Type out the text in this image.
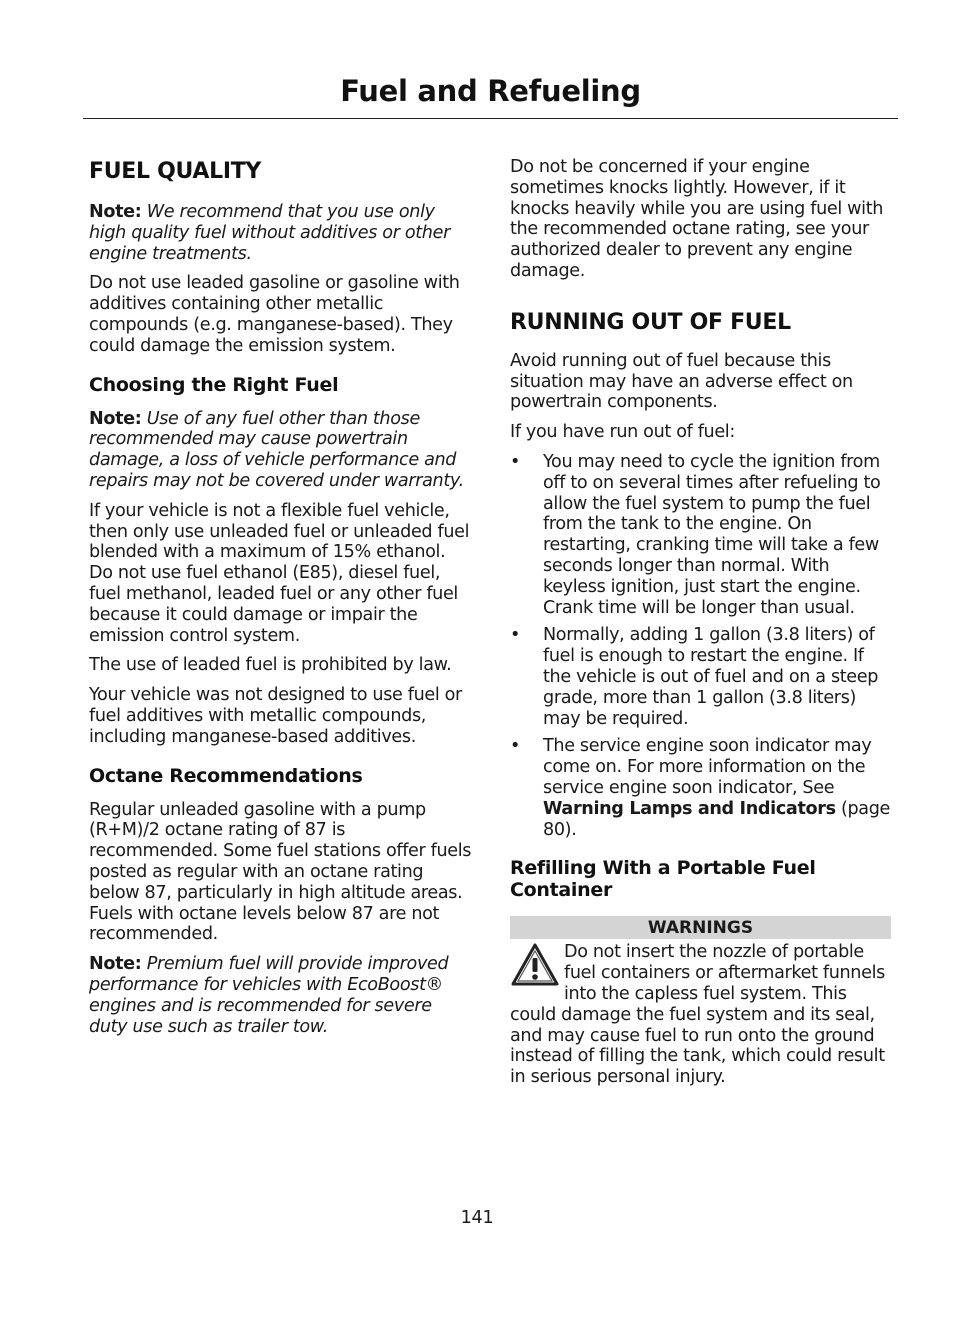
Fuel and Refueling
FUEL QUALITY

Note: We recommend that you use only high quality fuel without additives or other engine treatments.

Do not use leaded gasoline or gasoline with additives containing other metallic compounds (e.g. manganese-based). They could damage the emission system.

Choosing the Right Fuel

Note: Use of any fuel other than those recommended may cause powertrain damage, a loss of vehicle performance and repairs may not be covered under warranty.

If your vehicle is not a flexible fuel vehicle, then only use unleaded fuel or unleaded fuel blended with a maximum of 15% ethanol. Do not use fuel ethanol (E85), diesel fuel, fuel methanol, leaded fuel or any other fuel because it could damage or impair the emission control system.

The use of leaded fuel is prohibited by law.

Your vehicle was not designed to use fuel or fuel additives with metallic compounds, including manganese-based additives.

Octane Recommendations

Regular unleaded gasoline with a pump (R+M)/2 octane rating of 87 is recommended. Some fuel stations offer fuels posted as regular with an octane rating below 87, particularly in high altitude areas. Fuels with octane levels below 87 are not recommended.

Note: Premium fuel will provide improved performance for vehicles with EcoBoost® engines and is recommended for severe duty use such as trailer tow.

Do not be concerned if your engine sometimes knocks lightly. However, if it knocks heavily while you are using fuel with the recommended octane rating, see your authorized dealer to prevent any engine damage.

RUNNING OUT OF FUEL

Avoid running out of fuel because this situation may have an adverse effect on powertrain components.

If you have run out of fuel:

• You may need to cycle the ignition from off to on several times after refueling to allow the fuel system to pump the fuel from the tank to the engine. On restarting, cranking time will take a few seconds longer than normal. With keyless ignition, just start the engine. Crank time will be longer than usual.
• Normally, adding 1 gallon (3.8 liters) of fuel is enough to restart the engine. If the vehicle is out of fuel and on a steep grade, more than 1 gallon (3.8 liters) may be required.
• The service engine soon indicator may come on. For more information on the service engine soon indicator, See Warning Lamps and Indicators (page 80).
Refilling With a Portable Fuel Container
WARNINGS

Do not insert the nozzle of portable fuel containers or aftermarket funnels into the capless fuel system. This could damage the fuel system and its seal, and may cause fuel to run onto the ground instead of filling the tank, which could result in serious personal injury.

141
